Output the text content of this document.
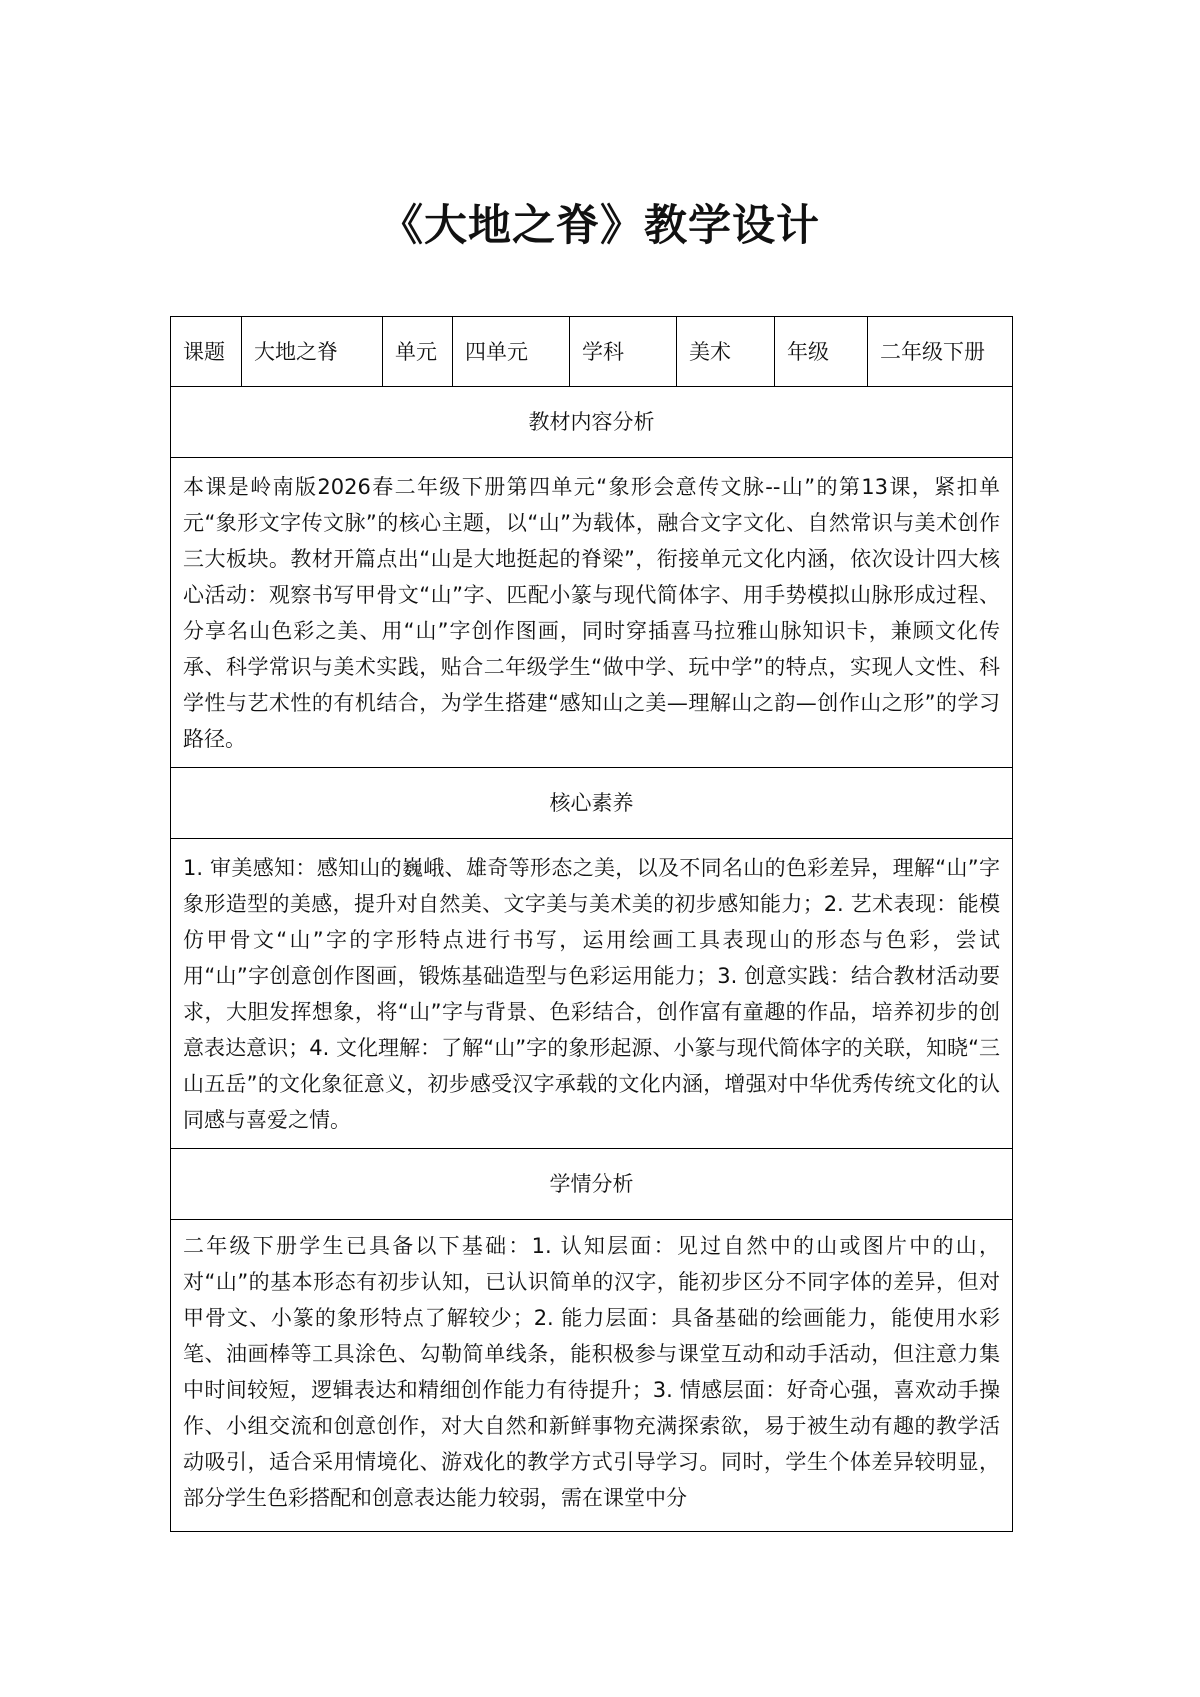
《大地之脊》教学设计
课题	大地之脊	单元	四单元	学科	美术	年级	二年级下册
教材内容分析
本课是岭南版2026春二年级下册第四单元“象形会意传文脉--山”的第13课，紧扣单元“象形文字传文脉”的核心主题，以“山”为载体，融合文字文化、自然常识与美术创作三大板块。教材开篇点出“山是大地挺起的脊梁”，衔接单元文化内涵，依次设计四大核心活动：观察书写甲骨文“山”字、匹配小篆与现代简体字、用手势模拟山脉形成过程、分享名山色彩之美、用“山”字创作图画，同时穿插喜马拉雅山脉知识卡，兼顾文化传承、科学常识与美术实践，贴合二年级学生“做中学、玩中学”的特点，实现人文性、科学性与艺术性的有机结合，为学生搭建“感知山之美—理解山之韵—创作山之形”的学习路径。
核心素养
1. 审美感知：感知山的巍峨、雄奇等形态之美，以及不同名山的色彩差异，理解“山”字象形造型的美感，提升对自然美、文字美与美术美的初步感知能力；2. 艺术表现：能模仿甲骨文“山”字的字形特点进行书写，运用绘画工具表现山的形态与色彩，尝试用“山”字创意创作图画，锻炼基础造型与色彩运用能力；3. 创意实践：结合教材活动要求，大胆发挥想象，将“山”字与背景、色彩结合，创作富有童趣的作品，培养初步的创意表达意识；4. 文化理解：了解“山”字的象形起源、小篆与现代简体字的关联，知晓“三山五岳”的文化象征意义，初步感受汉字承载的文化内涵，增强对中华优秀传统文化的认同感与喜爱之情。
学情分析
二年级下册学生已具备以下基础：1. 认知层面：见过自然中的山或图片中的山，对“山”的基本形态有初步认知，已认识简单的汉字，能初步区分不同字体的差异，但对甲骨文、小篆的象形特点了解较少；2. 能力层面：具备基础的绘画能力，能使用水彩笔、油画棒等工具涂色、勾勒简单线条，能积极参与课堂互动和动手活动，但注意力集中时间较短，逻辑表达和精细创作能力有待提升；3. 情感层面：好奇心强，喜欢动手操作、小组交流和创意创作，对大自然和新鲜事物充满探索欲，易于被生动有趣的教学活动吸引，适合采用情境化、游戏化的教学方式引导学习。同时，学生个体差异较明显，部分学生色彩搭配和创意表达能力较弱，需在课堂中分
